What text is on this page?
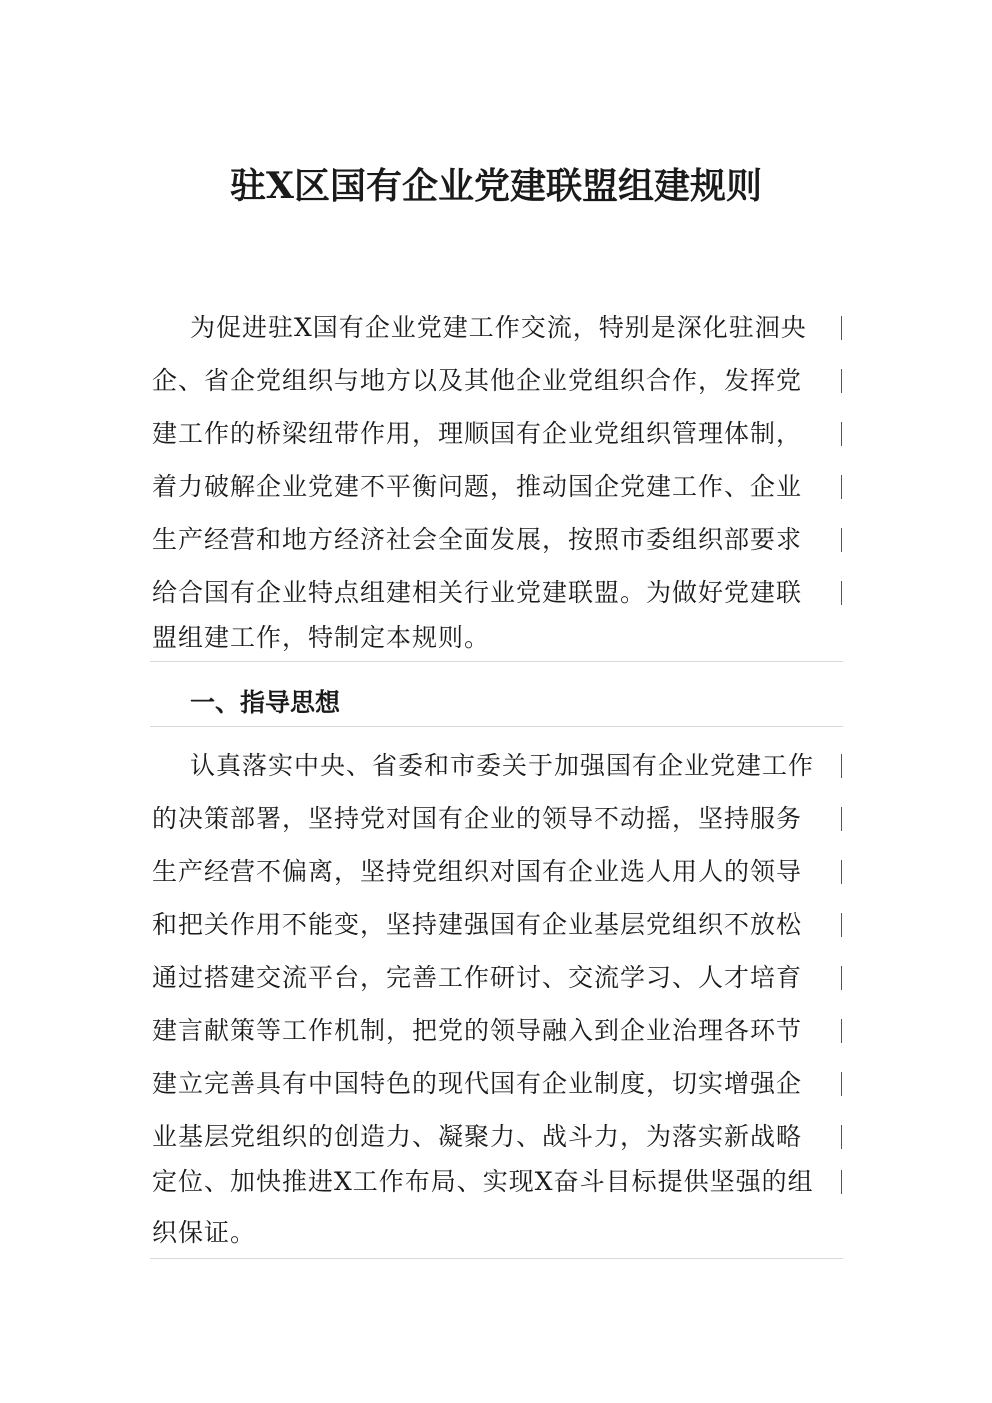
驻X区国有企业党建联盟组建规则
为促进驻X国有企业党建工作交流，特别是深化驻洄央
企、省企党组织与地方以及其他企业党组织合作，发挥党
建工作的桥梁纽带作用，理顺国有企业党组织管理体制，
着力破解企业党建不平衡问题，推动国企党建工作、企业
生产经营和地方经济社会全面发展，按照市委组织部要求
给合国有企业特点组建相关行业党建联盟。为做好党建联
盟组建工作，特制定本规则。
一、指导思想
认真落实中央、省委和市委关于加强国有企业党建工作
的决策部署，坚持党对国有企业的领导不动摇，坚持服务
生产经营不偏离，坚持党组织对国有企业选人用人的领导
和把关作用不能变，坚持建强国有企业基层党组织不放松
通过搭建交流平台，完善工作研讨、交流学习、人才培育
建言献策等工作机制，把党的领导融入到企业治理各环节
建立完善具有中国特色的现代国有企业制度，切实增强企
业基层党组织的创造力、凝聚力、战斗力，为落实新战略
定位、加快推进X工作布局、实现X奋斗目标提供坚强的组
织保证。
